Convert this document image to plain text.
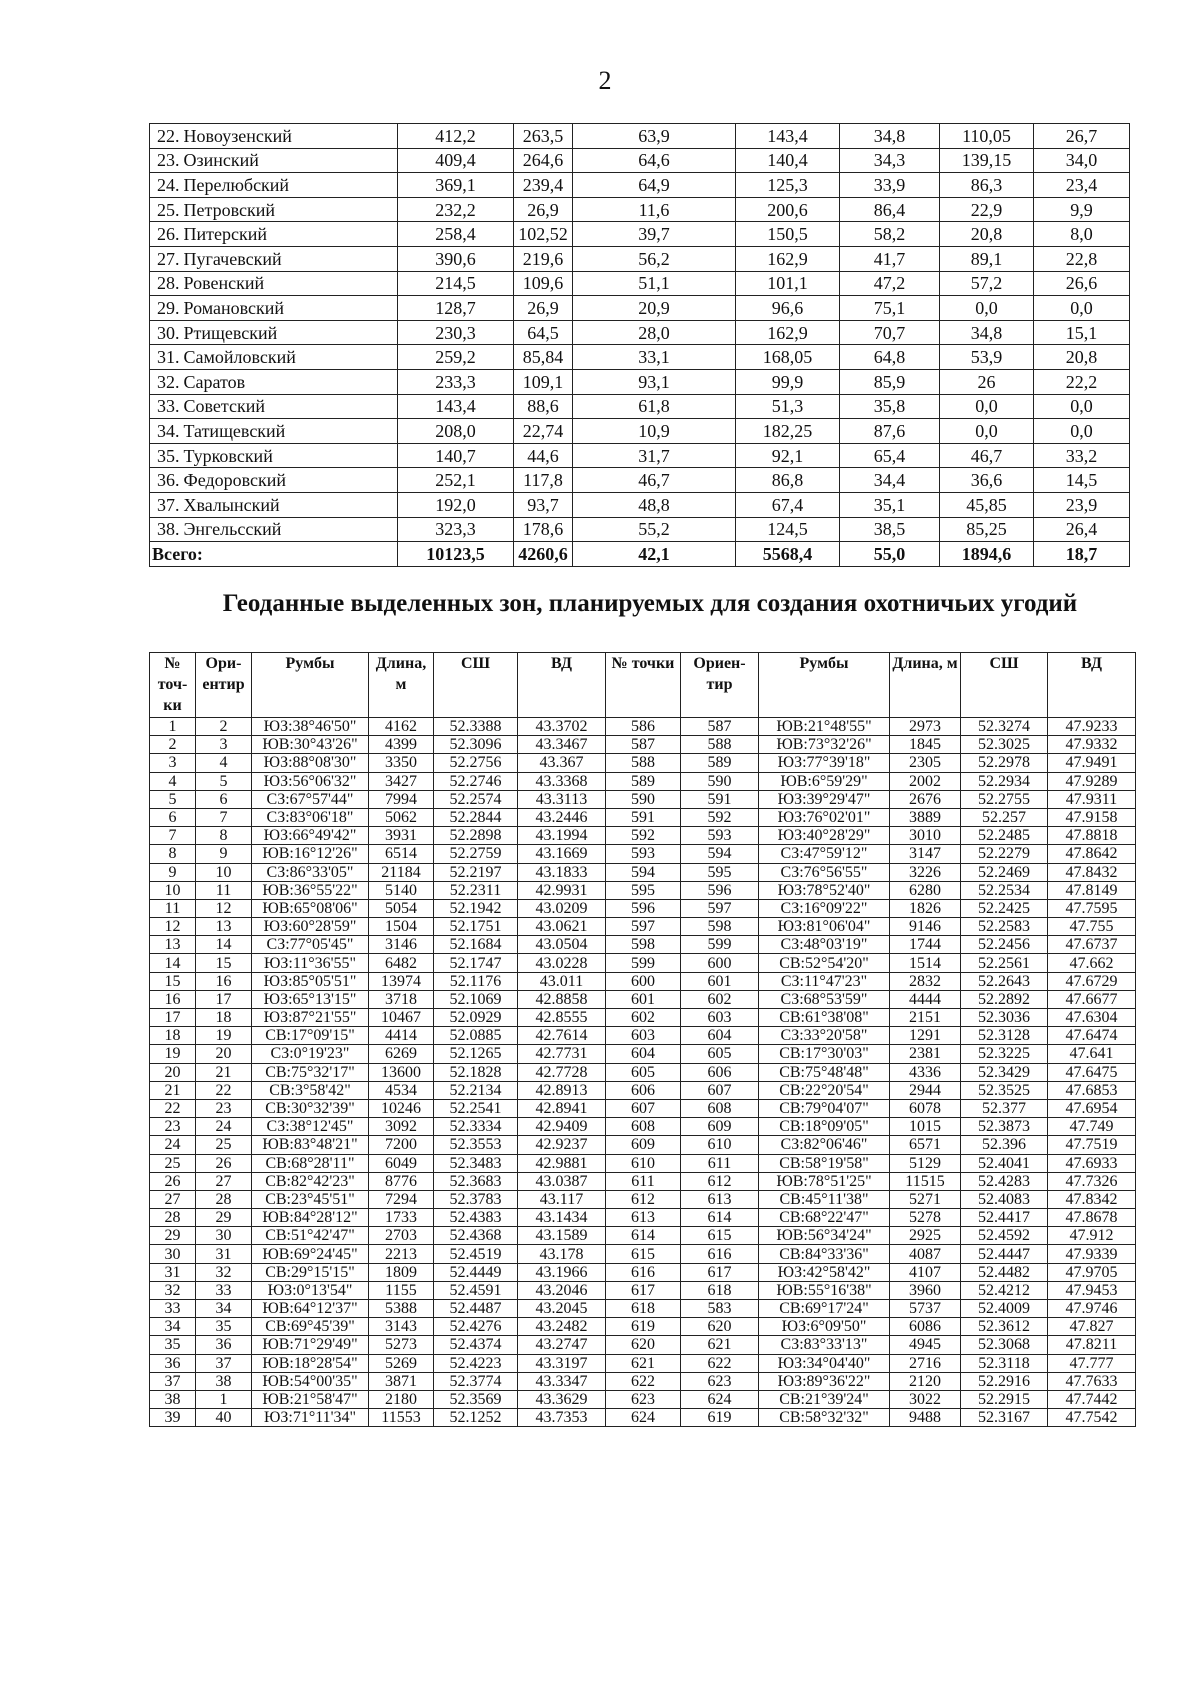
2
22.	Новоузенский	412,2	263,5	63,9	143,4	34,8	110,05	26,7
23.	Озинский	409,4	264,6	64,6	140,4	34,3	139,15	34,0
24.	Перелюбский	369,1	239,4	64,9	125,3	33,9	86,3	23,4
25.	Петровский	232,2	26,9	11,6	200,6	86,4	22,9	9,9
26.	Питерский	258,4	102,52	39,7	150,5	58,2	20,8	8,0
27.	Пугачевский	390,6	219,6	56,2	162,9	41,7	89,1	22,8
28.	Ровенский	214,5	109,6	51,1	101,1	47,2	57,2	26,6
29.	Романовский	128,7	26,9	20,9	96,6	75,1	0,0	0,0
30.	Ртищевский	230,3	64,5	28,0	162,9	70,7	34,8	15,1
31.	Самойловский	259,2	85,84	33,1	168,05	64,8	53,9	20,8
32.	Саратов	233,3	109,1	93,1	99,9	85,9	26	22,2
33.	Советский	143,4	88,6	61,8	51,3	35,8	0,0	0,0
34.	Татищевский	208,0	22,74	10,9	182,25	87,6	0,0	0,0
35.	Турковский	140,7	44,6	31,7	92,1	65,4	46,7	33,2
36.	Федоровский	252,1	117,8	46,7	86,8	34,4	36,6	14,5
37.	Хвалынский	192,0	93,7	48,8	67,4	35,1	45,85	23,9
38.	Энгельсский	323,3	178,6	55,2	124,5	38,5	85,25	26,4
Всего:		10123,5	4260,6	42,1	5568,4	55,0	1894,6	18,7
Геоданные выделенных зон, планируемых для создания охотничьих угодий
№ точ-ки	Ори-ентир	Румбы	Длина, м	СШ	ВД	№ точки	Ориен-тир	Румбы	Длина, м	СШ	ВД
1	2	ЮЗ:38°46'50"	4162	52.3388	43.3702	586	587	ЮВ:21°48'55"	2973	52.3274	47.9233
2	3	ЮВ:30°43'26"	4399	52.3096	43.3467	587	588	ЮВ:73°32'26"	1845	52.3025	47.9332
3	4	ЮЗ:88°08'30"	3350	52.2756	43.367	588	589	ЮЗ:77°39'18"	2305	52.2978	47.9491
4	5	ЮЗ:56°06'32"	3427	52.2746	43.3368	589	590	ЮВ:6°59'29"	2002	52.2934	47.9289
5	6	СЗ:67°57'44"	7994	52.2574	43.3113	590	591	ЮЗ:39°29'47"	2676	52.2755	47.9311
6	7	СЗ:83°06'18"	5062	52.2844	43.2446	591	592	ЮЗ:76°02'01"	3889	52.257	47.9158
7	8	ЮЗ:66°49'42"	3931	52.2898	43.1994	592	593	ЮЗ:40°28'29"	3010	52.2485	47.8818
8	9	ЮВ:16°12'26"	6514	52.2759	43.1669	593	594	СЗ:47°59'12"	3147	52.2279	47.8642
9	10	СЗ:86°33'05"	21184	52.2197	43.1833	594	595	СЗ:76°56'55"	3226	52.2469	47.8432
10	11	ЮВ:36°55'22"	5140	52.2311	42.9931	595	596	ЮЗ:78°52'40"	6280	52.2534	47.8149
11	12	ЮВ:65°08'06"	5054	52.1942	43.0209	596	597	СЗ:16°09'22"	1826	52.2425	47.7595
12	13	ЮЗ:60°28'59"	1504	52.1751	43.0621	597	598	ЮЗ:81°06'04"	9146	52.2583	47.755
13	14	СЗ:77°05'45"	3146	52.1684	43.0504	598	599	СЗ:48°03'19"	1744	52.2456	47.6737
14	15	ЮЗ:11°36'55"	6482	52.1747	43.0228	599	600	СВ:52°54'20"	1514	52.2561	47.662
15	16	ЮЗ:85°05'51"	13974	52.1176	43.011	600	601	СЗ:11°47'23"	2832	52.2643	47.6729
16	17	ЮЗ:65°13'15"	3718	52.1069	42.8858	601	602	СЗ:68°53'59"	4444	52.2892	47.6677
17	18	ЮЗ:87°21'55"	10467	52.0929	42.8555	602	603	СВ:61°38'08"	2151	52.3036	47.6304
18	19	СВ:17°09'15"	4414	52.0885	42.7614	603	604	СЗ:33°20'58"	1291	52.3128	47.6474
19	20	СЗ:0°19'23"	6269	52.1265	42.7731	604	605	СВ:17°30'03"	2381	52.3225	47.641
20	21	СВ:75°32'17"	13600	52.1828	42.7728	605	606	СВ:75°48'48"	4336	52.3429	47.6475
21	22	СВ:3°58'42"	4534	52.2134	42.8913	606	607	СВ:22°20'54"	2944	52.3525	47.6853
22	23	СВ:30°32'39"	10246	52.2541	42.8941	607	608	СВ:79°04'07"	6078	52.377	47.6954
23	24	СЗ:38°12'45"	3092	52.3334	42.9409	608	609	СВ:18°09'05"	1015	52.3873	47.749
24	25	ЮВ:83°48'21"	7200	52.3553	42.9237	609	610	СЗ:82°06'46"	6571	52.396	47.7519
25	26	СВ:68°28'11"	6049	52.3483	42.9881	610	611	СВ:58°19'58"	5129	52.4041	47.6933
26	27	СВ:82°42'23"	8776	52.3683	43.0387	611	612	ЮВ:78°51'25"	11515	52.4283	47.7326
27	28	СВ:23°45'51"	7294	52.3783	43.117	612	613	СВ:45°11'38"	5271	52.4083	47.8342
28	29	ЮВ:84°28'12"	1733	52.4383	43.1434	613	614	СВ:68°22'47"	5278	52.4417	47.8678
29	30	СВ:51°42'47"	2703	52.4368	43.1589	614	615	ЮВ:56°34'24"	2925	52.4592	47.912
30	31	ЮВ:69°24'45"	2213	52.4519	43.178	615	616	СВ:84°33'36"	4087	52.4447	47.9339
31	32	СВ:29°15'15"	1809	52.4449	43.1966	616	617	ЮЗ:42°58'42"	4107	52.4482	47.9705
32	33	ЮЗ:0°13'54"	1155	52.4591	43.2046	617	618	ЮВ:55°16'38"	3960	52.4212	47.9453
33	34	ЮВ:64°12'37"	5388	52.4487	43.2045	618	583	СВ:69°17'24"	5737	52.4009	47.9746
34	35	СВ:69°45'39"	3143	52.4276	43.2482	619	620	ЮЗ:6°09'50"	6086	52.3612	47.827
35	36	ЮВ:71°29'49"	5273	52.4374	43.2747	620	621	СЗ:83°33'13"	4945	52.3068	47.8211
36	37	ЮВ:18°28'54"	5269	52.4223	43.3197	621	622	ЮЗ:34°04'40"	2716	52.3118	47.777
37	38	ЮВ:54°00'35"	3871	52.3774	43.3347	622	623	ЮЗ:89°36'22"	2120	52.2916	47.7633
38	1	ЮВ:21°58'47"	2180	52.3569	43.3629	623	624	СВ:21°39'24"	3022	52.2915	47.7442
39	40	ЮЗ:71°11'34"	11553	52.1252	43.7353	624	619	СВ:58°32'32"	9488	52.3167	47.7542
